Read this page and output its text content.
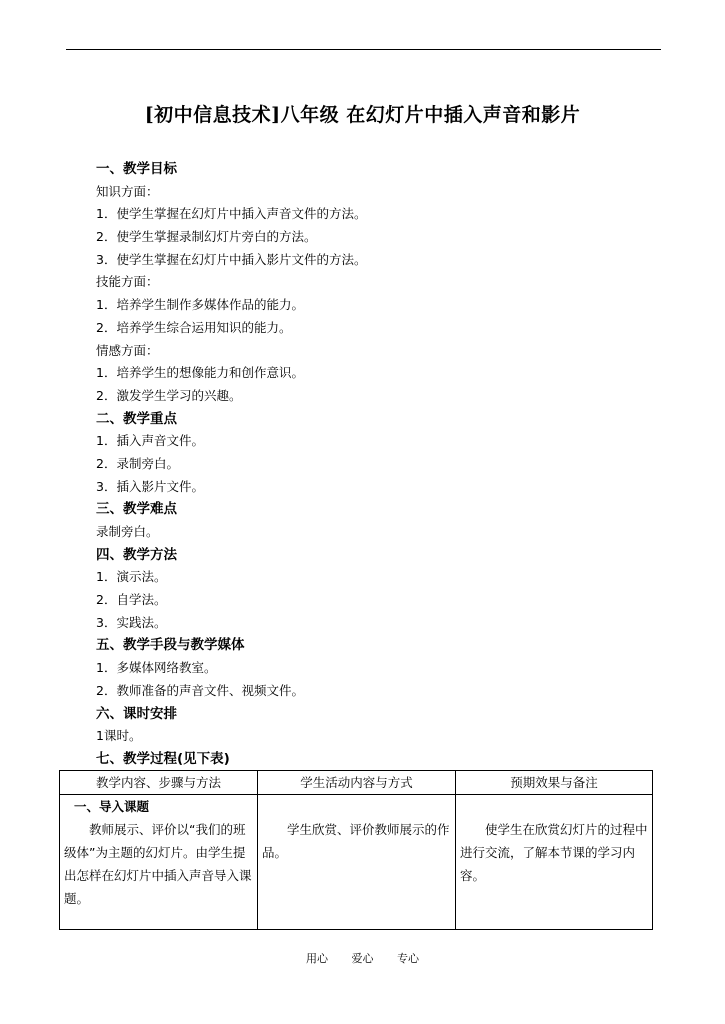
[初中信息技术]八年级 在幻灯片中插入声音和影片
一、教学目标
知识方面：
1．使学生掌握在幻灯片中插入声音文件的方法。
2．使学生掌握录制幻灯片旁白的方法。
3．使学生掌握在幻灯片中插入影片文件的方法。
技能方面：
1．培养学生制作多媒体作品的能力。
2．培养学生综合运用知识的能力。
情感方面：
1．培养学生的想像能力和创作意识。
2．激发学生学习的兴趣。
二、教学重点
1．插入声音文件。
2．录制旁白。
3．插入影片文件。
三、教学难点
录制旁白。
四、教学方法
1．演示法。
2．自学法。
3．实践法。
五、教学手段与教学媒体
1．多媒体网络教室。
2．教师准备的声音文件、视频文件。
六、课时安排
1课时。
七、教学过程(见下表)
教学内容、步骤与方法	学生活动内容与方式	预期效果与备注

一、导入课题
教师展示、评价以“我们的班级体”为主题的幻灯片。由学生提出怎样在幻灯片中插入声音导入课题。	学生欣赏、评价教师展示的作品。	使学生在欣赏幻灯片的过程中进行交流，了解本节课的学习内容。
用心 爱心 专心
